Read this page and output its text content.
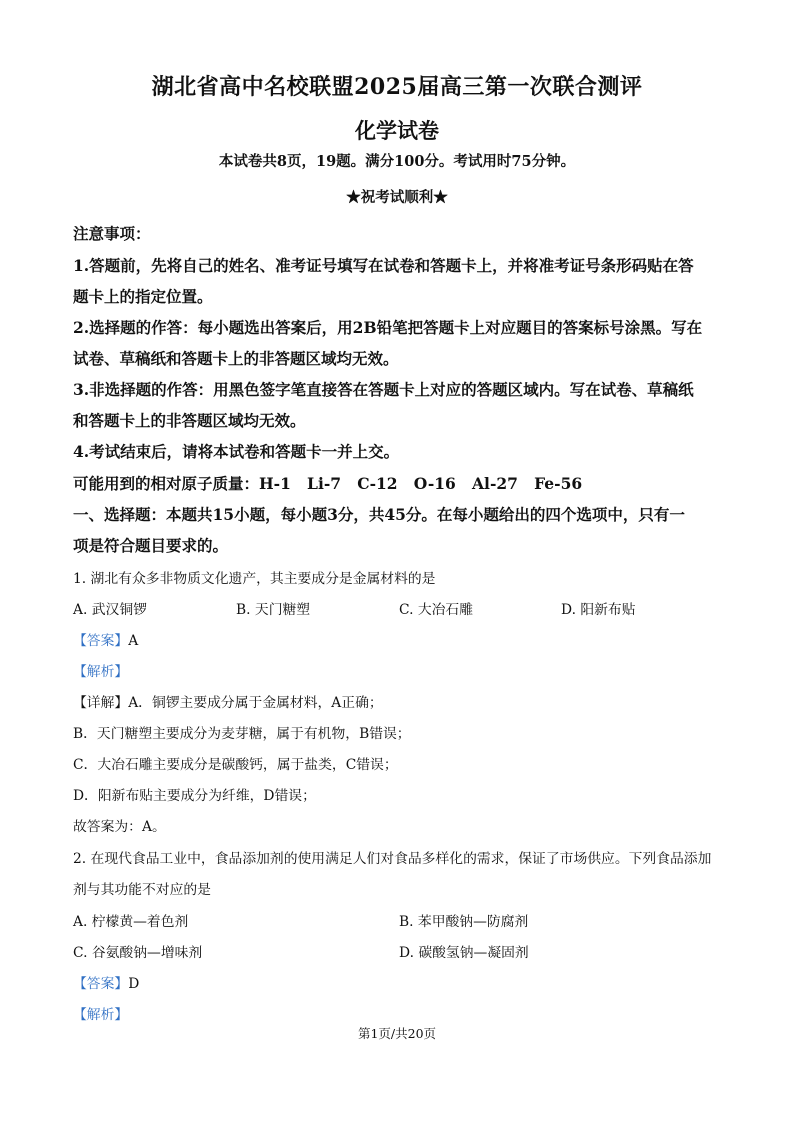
湖北省高中名校联盟2025届高三第一次联合测评
化学试卷
本试卷共8页，19题。满分100分。考试用时75分钟。
★祝考试顺利★
注意事项：
1.答题前，先将自己的姓名、准考证号填写在试卷和答题卡上，并将准考证号条形码贴在答
题卡上的指定位置。
2.选择题的作答：每小题选出答案后，用2B铅笔把答题卡上对应题目的答案标号涂黑。写在
试卷、草稿纸和答题卡上的非答题区域均无效。
3.非选择题的作答：用黑色签字笔直接答在答题卡上对应的答题区域内。写在试卷、草稿纸
和答题卡上的非答题区域均无效。
4.考试结束后，请将本试卷和答题卡一并上交。
可能用到的相对原子质量：H-1   Li-7   C-12   O-16   Al-27   Fe-56
一、选择题：本题共15小题，每小题3分，共45分。在每小题给出的四个选项中，只有一
项是符合题目要求的。
1. 湖北有众多非物质文化遗产，其主要成分是金属材料的是
A. 武汉铜锣	B. 天门糖塑	C. 大冶石雕	D. 阳新布贴
【答案】A
【解析】
【详解】A．铜锣主要成分属于金属材料，A正确；
B．天门糖塑主要成分为麦芽糖，属于有机物，B错误；
C．大冶石雕主要成分是碳酸钙，属于盐类，C错误；
D．阳新布贴主要成分为纤维，D错误；
故答案为：A。
2. 在现代食品工业中，食品添加剂的使用满足人们对食品多样化的需求，保证了市场供应。下列食品添加
剂与其功能不对应的是
A. 柠檬黄—着色剂	B. 苯甲酸钠—防腐剂
C. 谷氨酸钠—增味剂	D. 碳酸氢钠—凝固剂
【答案】D
【解析】
第1页/共20页
